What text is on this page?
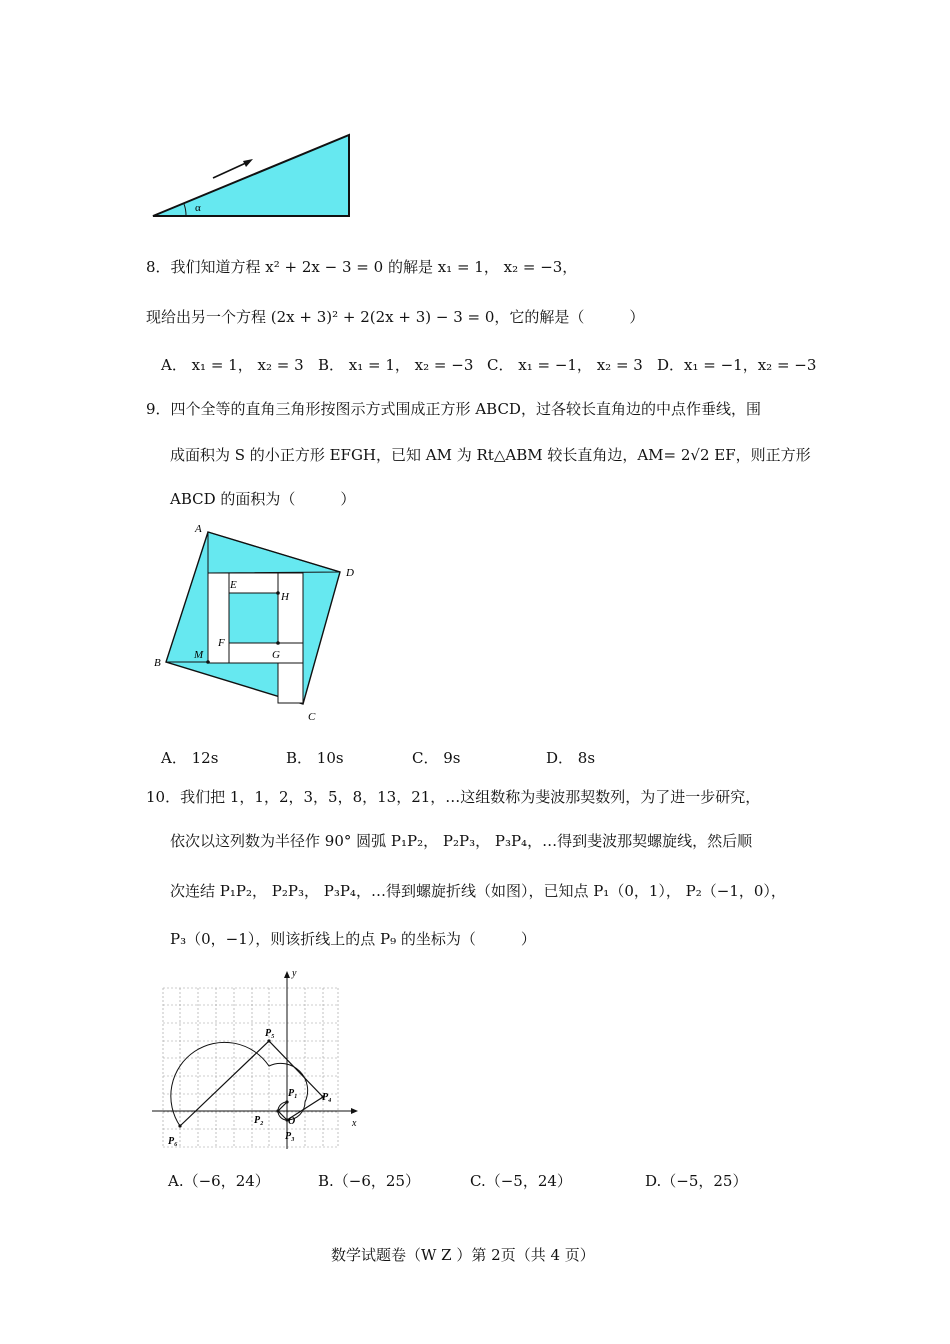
α
8．我们知道方程 x² + 2x − 3 = 0 的解是 x₁ = 1， x₂ = −3，
现给出另一个方程 (2x + 3)² + 2(2x + 3) − 3 = 0，它的解是（　　　）
A． x₁ = 1， x₂ = 3 B． x₁ = 1， x₂ = −3 C． x₁ = −1， x₂ = 3 D．x₁ = −1，x₂ = −3
9．四个全等的直角三角形按图示方式围成正方形 ABCD，过各较长直角边的中点作垂线，围
成面积为 S 的小正方形 EFGH，已知 AM 为 Rt△ABM 较长直角边，AM= 2√2 EF，则正方形
ABCD 的面积为（　　　）
A
B
C
D
E
F
G
H
M
A． 12s	B． 10s	C． 9s	D． 8s
10．我们把 1，1，2，3，5，8，13，21，…这组数称为斐波那契数列，为了进一步研究，
依次以这列数为半径作 90° 圆弧 P₁P₂， P₂P₃， P₃P₄，…得到斐波那契螺旋线，然后顺
次连结 P₁P₂， P₂P₃， P₃P₄，…得到螺旋折线（如图），已知点 P₁（0，1）， P₂（−1，0），
P₃（0，−1），则该折线上的点 P₉ 的坐标为（　　　）
y
x
O
P₁
P₂
P₃
P₄
P₅
P₆
A.（−6，24）	B.（−6，25）	C.（−5，24）	D.（−5，25）
数学试题卷（W Z ）第 2页（共 4 页）
